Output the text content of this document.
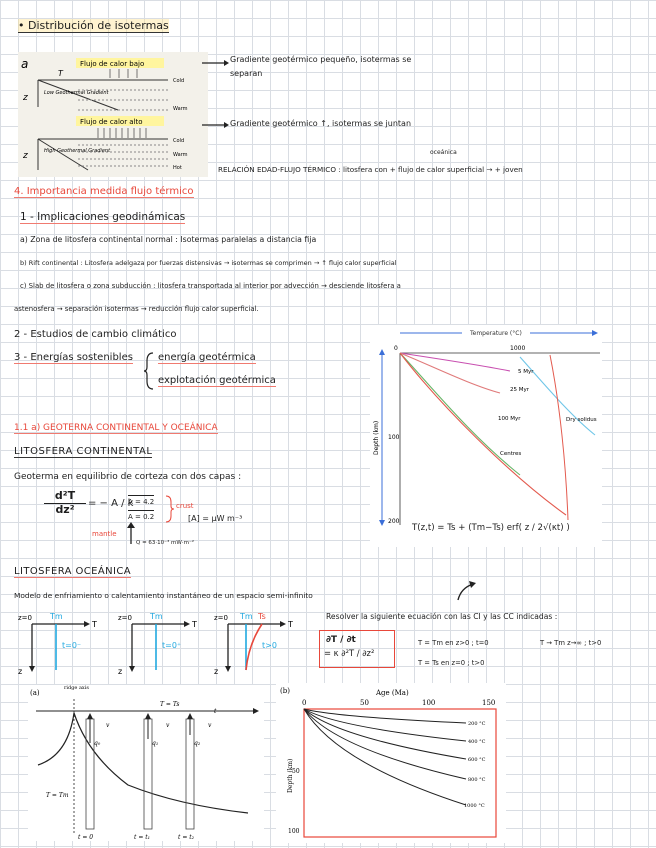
• Distribución de isotermas
a	Flujo de calor bajo
T
z	Low Geothermal Gradient
Cold
Warm
Flujo de calor alto
z	High Geothermal Gradient
Cold
Warm
Hot
Gradiente geotérmico pequeño, isotermas se
separan
Gradiente geotérmico ↑, isotermas se juntan
oceánica
RELACIÓN EDAD-FLUJO TÉRMICO : litosfera con + flujo de calor superficial → + joven
4. Importancia medida flujo térmico
1 - Implicaciones geodinámicas
a) Zona de litosfera continental normal : Isotermas paralelas a distancia fija
b) Rift continental : Litosfera adelgaza por fuerzas distensivas → isotermas se comprimen → ↑ flujo calor superficial
c) Slab de litosfera o zona subducción : litosfera transportada al interior por advección → desciende litosfera a
astenosfera → separación isotermas → reducción flujo calor superficial.
2 - Estudios de cambio climático
3 - Energías sostenibles	energía geotérmica
explotación geotérmica
Temperature (°C)
0	1000
Depth (km) 100
200
5 Myr
25 Myr
100 Myr
Centres
Dry solidus
T(z,t) = Ts + (Tm−Ts) erf( z / 2√(κt) )
1.1 a) GEOTERNA CONTINENTAL Y OCEÁNICA
LITOSFERA CONTINENTAL
Geoterma en equilibrio de corteza con dos capas :
$\frac{\text{d²T}}{\text{dz²}}$ = − A / k
A = 4.2
A = 0.2
crust
mantle
Q = 63·10⁻³ mW·m⁻²
[A] = μW m⁻³
LITOSFERA OCEÁNICA
Modelo de enfriamiento o calentamiento instantáneo de un espacio semi-infinito
z=0 Tm
T
z
t=0⁻
z=0 Tm
T
z
t=0⁺
z=0 Tm Ts
T
z
t>0
Resolver la siguiente ecuación con las CI y las CC indicadas :
∂T / ∂t
= κ ∂²T / ∂z²
T = Tm en z>0 ; t=0	T → Tm z→∞ ; t>0
T = Ts en z=0 ; t>0
(a)
ridge axis
t
T = Ts
T = Tm
q₀	q₁	q₂
v	v	v
t = 0	t = t₁	t = t₂
(b)	Age (Ma)
0	50	100	150
Depth (km)
50
100
200 °C
400 °C
600 °C
800 °C
1000 °C
